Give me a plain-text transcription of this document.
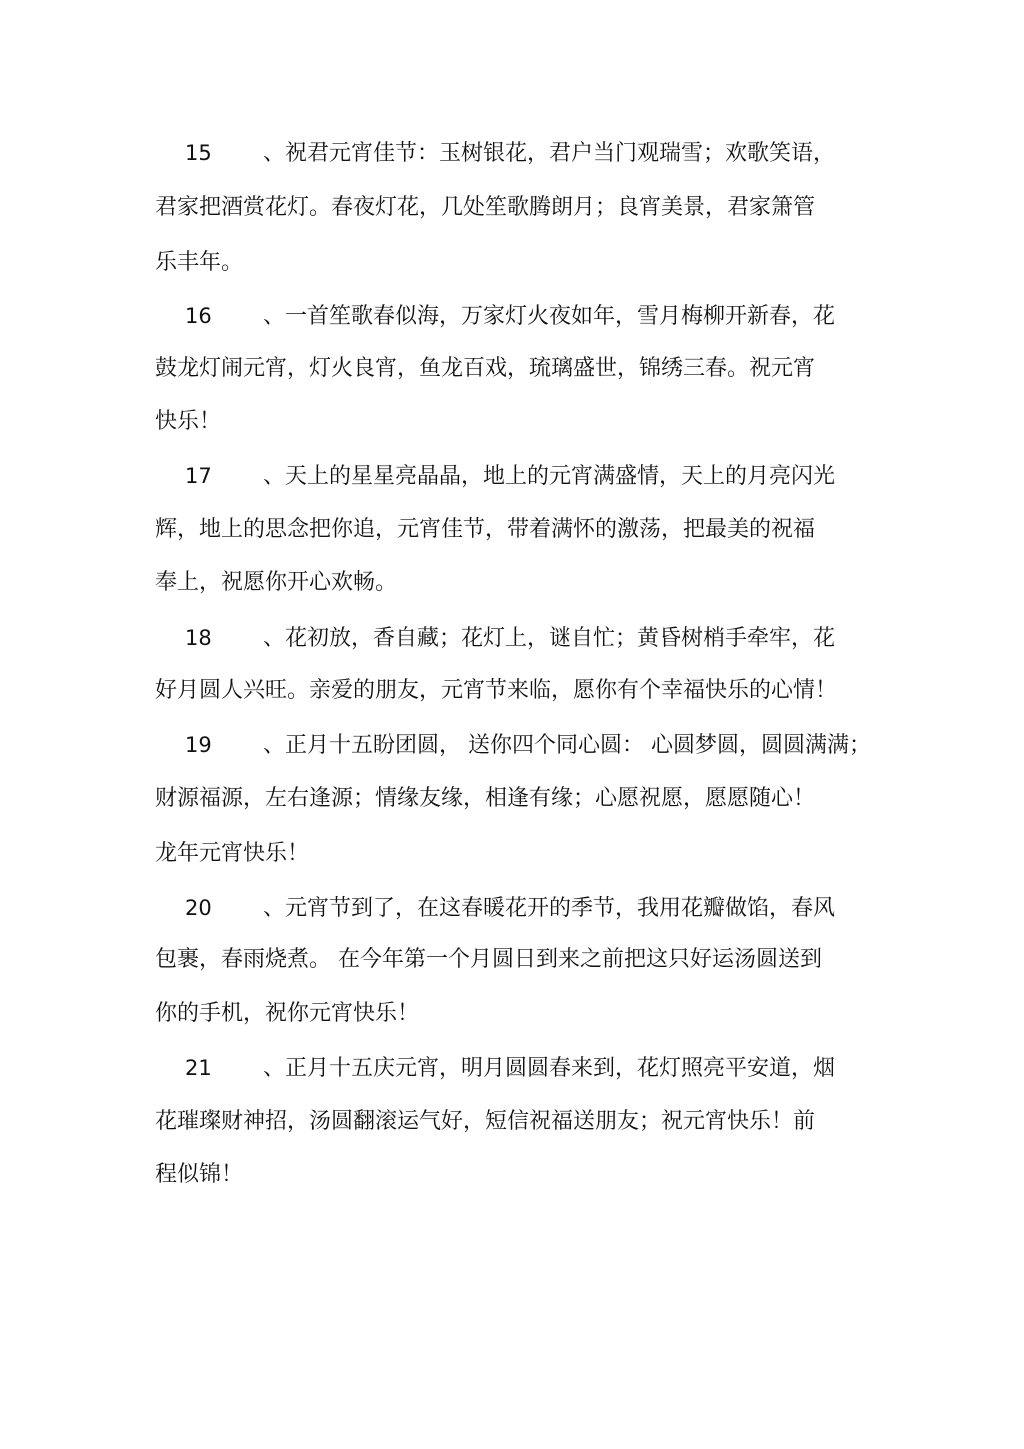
15 、祝君元宵佳节：玉树银花，君户当门观瑞雪；欢歌笑语，
君家把酒赏花灯。春夜灯花，几处笙歌腾朗月；良宵美景，君家箫管
乐丰年。
16 、一首笙歌春似海，万家灯火夜如年，雪月梅柳开新春，花
鼓龙灯闹元宵，灯火良宵，鱼龙百戏，琉璃盛世，锦绣三春。祝元宵
快乐！
17 、天上的星星亮晶晶，地上的元宵满盛情，天上的月亮闪光
辉，地上的思念把你追，元宵佳节，带着满怀的激荡，把最美的祝福
奉上，祝愿你开心欢畅。
18 、花初放，香自藏；花灯上，谜自忙；黄昏树梢手牵牢，花
好月圆人兴旺。亲爱的朋友，元宵节来临，愿你有个幸福快乐的心情！
19 、正月十五盼团圆， 送你四个同心圆： 心圆梦圆，圆圆满满；
财源福源，左右逢源；情缘友缘，相逢有缘；心愿祝愿，愿愿随心！
龙年元宵快乐！
20 、元宵节到了，在这春暖花开的季节，我用花瓣做馅，春风
包裹，春雨烧煮。 在今年第一个月圆日到来之前把这只好运汤圆送到
你的手机，祝你元宵快乐！
21 、正月十五庆元宵，明月圆圆春来到，花灯照亮平安道，烟
花璀璨财神招，汤圆翻滚运气好，短信祝福送朋友；祝元宵快乐！前
程似锦！
